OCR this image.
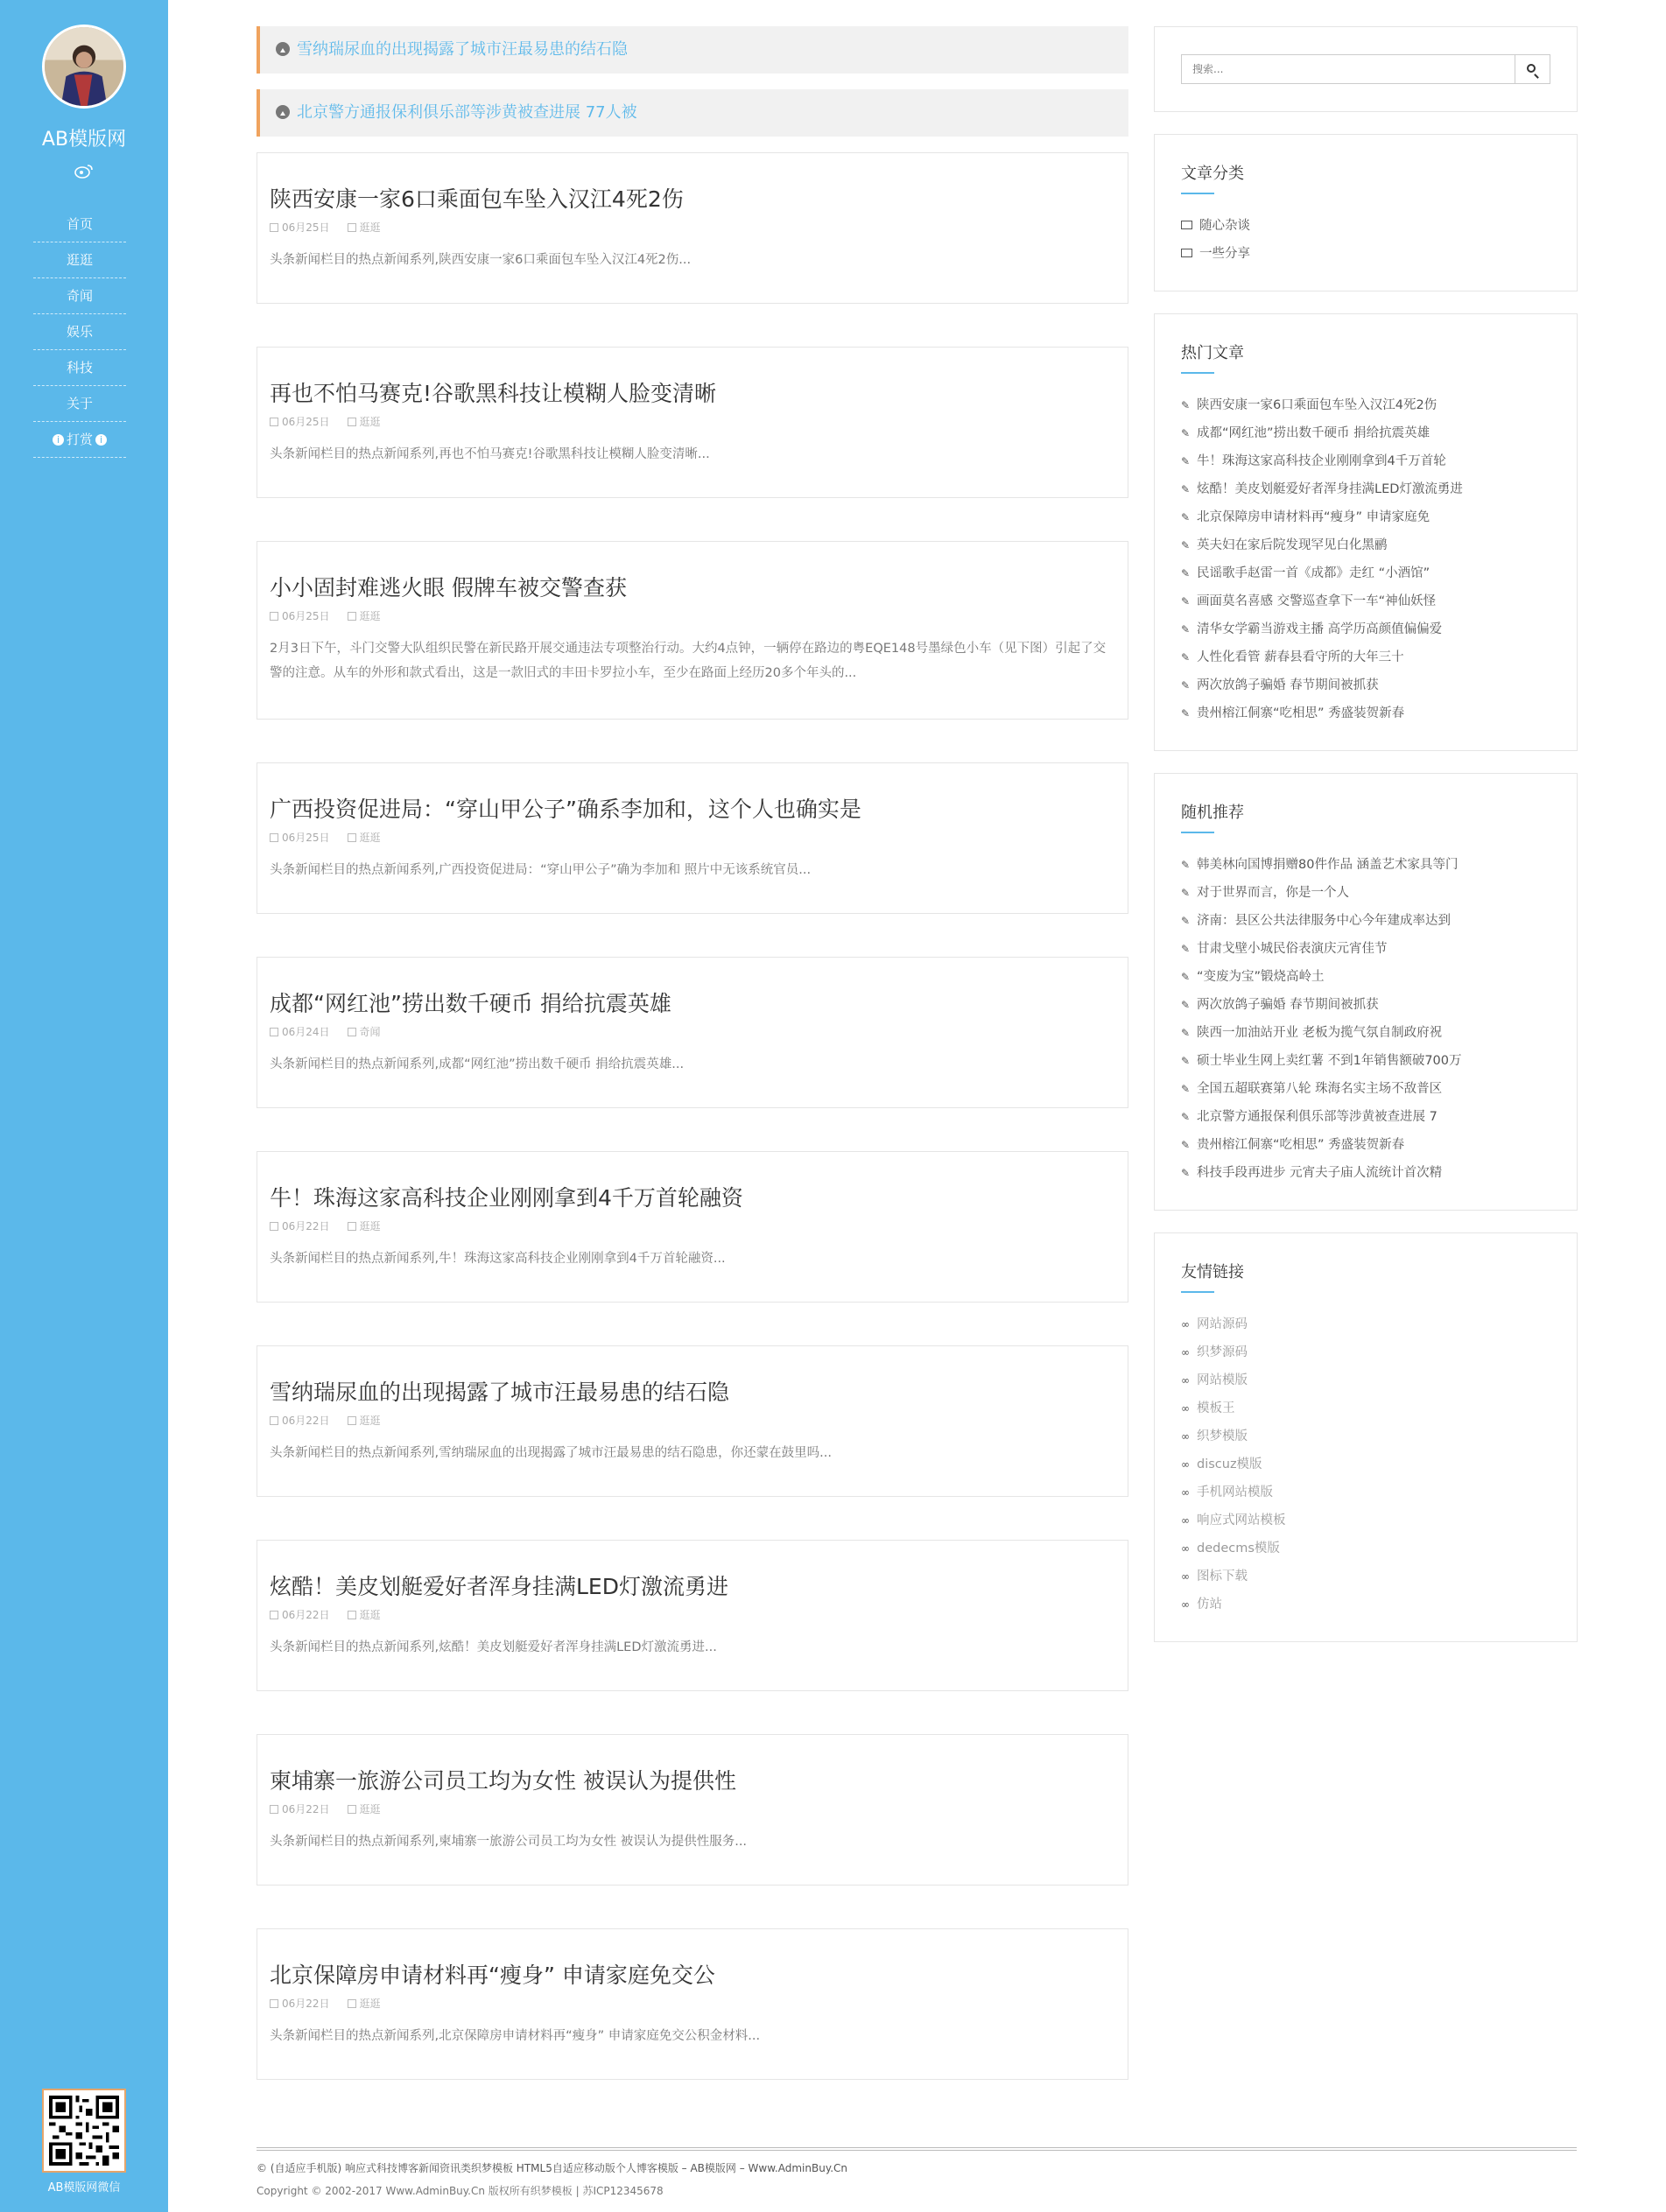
AB模版网
首页
逛逛
奇闻
娱乐
科技
关于
i 打赏 i
AB模版网微信
雪纳瑞尿血的出现揭露了城市汪最易患的结石隐
北京警方通报保利俱乐部等涉黄被查进展 77人被
陕西安康一家6口乘面包车坠入汉江4死2伤
06月25日	逛逛
头条新闻栏目的热点新闻系列,陕西安康一家6口乘面包车坠入汉江4死2伤...
再也不怕马赛克!谷歌黑科技让模糊人脸变清晰
06月25日	逛逛
头条新闻栏目的热点新闻系列,再也不怕马赛克!谷歌黑科技让模糊人脸变清晰...
小小固封难逃火眼 假牌车被交警查获
06月25日	逛逛
2月3日下午，斗门交警大队组织民警在新民路开展交通违法专项整治行动。大约4点钟，一辆停在路边的粤EQE148号墨绿色小车（见下图）引起了交警的注意。从车的外形和款式看出，这是一款旧式的丰田卡罗拉小车，至少在路面上经历20多个年头的...
广西投资促进局：“穿山甲公子”确系李加和，这个人也确实是
06月25日	逛逛
头条新闻栏目的热点新闻系列,广西投资促进局：“穿山甲公子”确为李加和 照片中无该系统官员...
成都“网红池”捞出数千硬币 捐给抗震英雄
06月24日	奇闻
头条新闻栏目的热点新闻系列,成都“网红池”捞出数千硬币 捐给抗震英雄...
牛！珠海这家高科技企业刚刚拿到4千万首轮融资
06月22日	逛逛
头条新闻栏目的热点新闻系列,牛！珠海这家高科技企业刚刚拿到4千万首轮融资...
雪纳瑞尿血的出现揭露了城市汪最易患的结石隐
06月22日	逛逛
头条新闻栏目的热点新闻系列,雪纳瑞尿血的出现揭露了城市汪最易患的结石隐患，你还蒙在鼓里吗...
炫酷！美皮划艇爱好者浑身挂满LED灯激流勇进
06月22日	逛逛
头条新闻栏目的热点新闻系列,炫酷！美皮划艇爱好者浑身挂满LED灯激流勇进...
柬埔寨一旅游公司员工均为女性 被误认为提供性
06月22日	逛逛
头条新闻栏目的热点新闻系列,柬埔寨一旅游公司员工均为女性 被误认为提供性服务...
北京保障房申请材料再“瘦身” 申请家庭免交公
06月22日	逛逛
头条新闻栏目的热点新闻系列,北京保障房申请材料再“瘦身” 申请家庭免交公积金材料...
搜索...
文章分类
随心杂谈
一些分享
热门文章
✎ 陕西安康一家6口乘面包车坠入汉江4死2伤
✎ 成都“网红池”捞出数千硬币 捐给抗震英雄
✎ 牛！珠海这家高科技企业刚刚拿到4千万首轮
✎ 炫酷！美皮划艇爱好者浑身挂满LED灯激流勇进
✎ 北京保障房申请材料再“瘦身” 申请家庭免
✎ 英夫妇在家后院发现罕见白化黑鹂
✎ 民谣歌手赵雷一首《成都》走红 “小酒馆”
✎ 画面莫名喜感 交警巡查拿下一车“神仙妖怪
✎ 清华女学霸当游戏主播 高学历高颜值偏偏爱
✎ 人性化看管 薪春县看守所的大年三十
✎ 两次放鸽子骗婚 春节期间被抓获
✎ 贵州榕江侗寨“吃相思” 秀盛装贺新春
随机推荐
✎ 韩美林向国博捐赠80件作品 涵盖艺术家具等门
✎ 对于世界而言，你是一个人
✎ 济南：县区公共法律服务中心今年建成率达到
✎ 甘肃戈壁小城民俗表演庆元宵佳节
✎ “变废为宝”锻烧高岭土
✎ 两次放鸽子骗婚 春节期间被抓获
✎ 陕西一加油站开业 老板为揽气氛自制政府祝
✎ 硕士毕业生网上卖红薯 不到1年销售额破700万
✎ 全国五超联赛第八轮 珠海名实主场不敌普区
✎ 北京警方通报保利俱乐部等涉黄被查进展 7
✎ 贵州榕江侗寨“吃相思” 秀盛装贺新春
✎ 科技手段再进步 元宵夫子庙人流统计首次精
友情链接
∞ 网站源码
∞ 织梦源码
∞ 网站模版
∞ 模板王
∞ 织梦模版
∞ discuz模版
∞ 手机网站模版
∞ 响应式网站模板
∞ dedecms模版
∞ 图标下载
∞ 仿站
© (自适应手机版) 响应式科技博客新闻资讯类织梦模板 HTML5自适应移动版个人博客模版 – AB模版网 – Www.AdminBuy.Cn
Copyright © 2002-2017 Www.AdminBuy.Cn 版权所有织梦模板 | 苏ICP12345678
